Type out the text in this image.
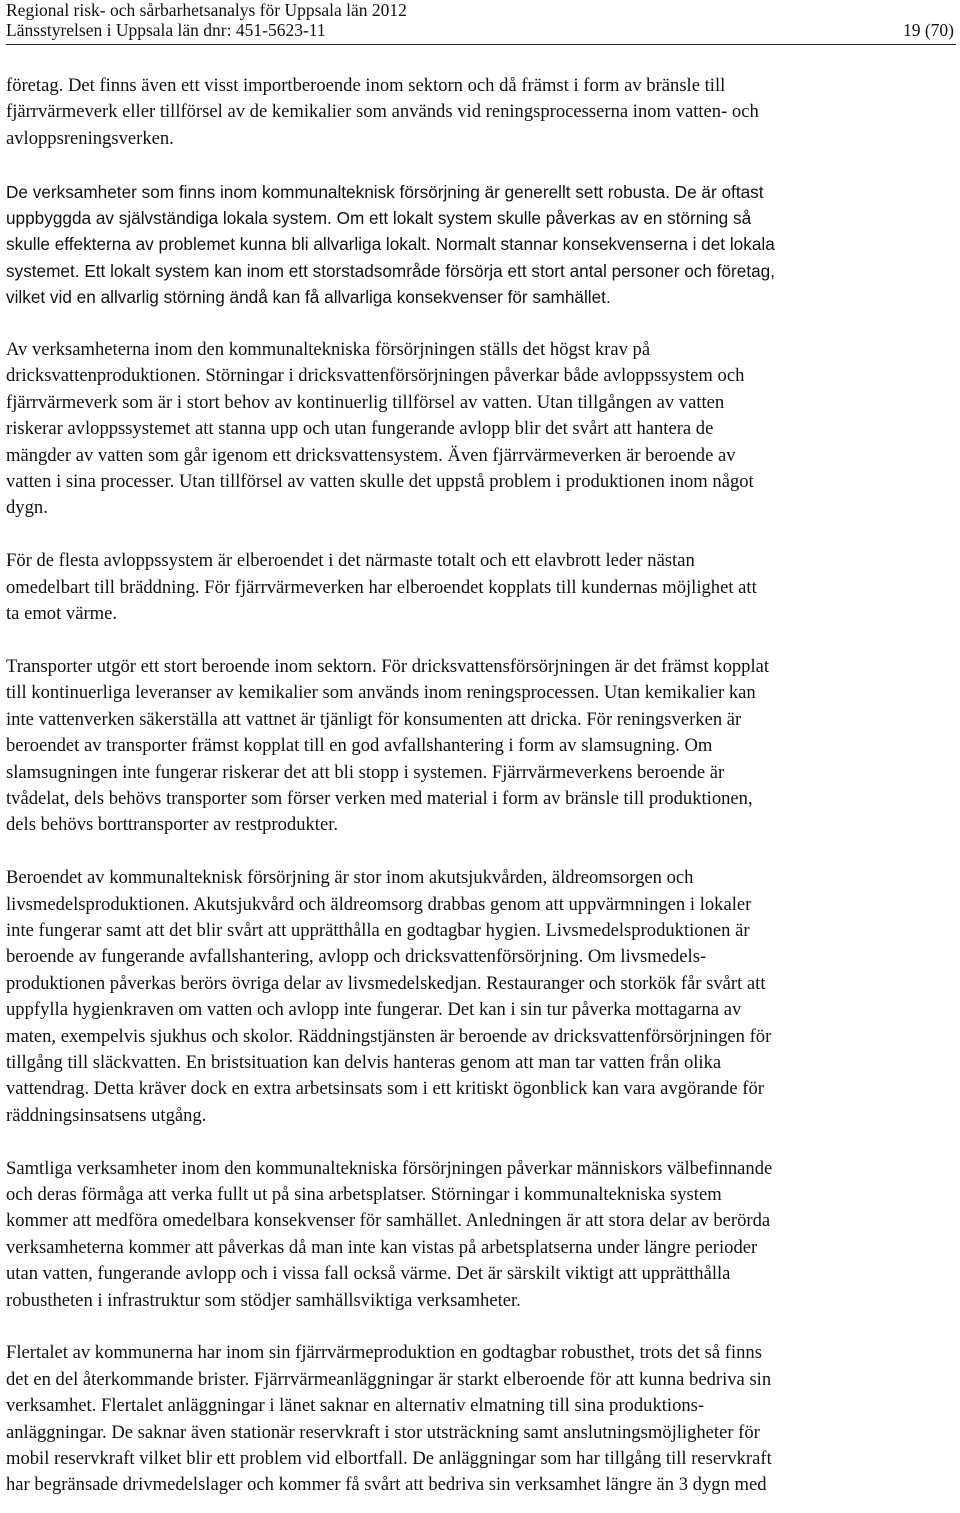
Regional risk- och sårbarhetsanalys för Uppsala län 2012
Länsstyrelsen i Uppsala län dnr: 451-5623-11	19 (70)

företag. Det finns även ett visst importberoende inom sektorn och då främst i form av bränsle till
fjärrvärmeverk eller tillförsel av de kemikalier som används vid reningsprocesserna inom vatten- och
avloppsreningsverken.

De verksamheter som finns inom kommunalteknisk försörjning är generellt sett robusta. De är oftast
uppbyggda av självständiga lokala system. Om ett lokalt system skulle påverkas av en störning så
skulle effekterna av problemet kunna bli allvarliga lokalt. Normalt stannar konsekvenserna i det lokala
systemet. Ett lokalt system kan inom ett storstadsområde försörja ett stort antal personer och företag,
vilket vid en allvarlig störning ändå kan få allvarliga konsekvenser för samhället.

Av verksamheterna inom den kommunaltekniska försörjningen ställs det högst krav på
dricksvattenproduktionen. Störningar i dricksvattenförsörjningen påverkar både avloppssystem och
fjärrvärmeverk som är i stort behov av kontinuerlig tillförsel av vatten. Utan tillgången av vatten
riskerar avloppssystemet att stanna upp och utan fungerande avlopp blir det svårt att hantera de
mängder av vatten som går igenom ett dricksvattensystem. Även fjärrvärmeverken är beroende av
vatten i sina processer. Utan tillförsel av vatten skulle det uppstå problem i produktionen inom något
dygn.

För de flesta avloppssystem är elberoendet i det närmaste totalt och ett elavbrott leder nästan
omedelbart till bräddning. För fjärrvärmeverken har elberoendet kopplats till kundernas möjlighet att
ta emot värme.

Transporter utgör ett stort beroende inom sektorn. För dricksvattensförsörjningen är det främst kopplat
till kontinuerliga leveranser av kemikalier som används inom reningsprocessen. Utan kemikalier kan
inte vattenverken säkerställa att vattnet är tjänligt för konsumenten att dricka. För reningsverken är
beroendet av transporter främst kopplat till en god avfallshantering i form av slamsugning. Om
slamsugningen inte fungerar riskerar det att bli stopp i systemen. Fjärrvärmeverkens beroende är
tvådelat, dels behövs transporter som förser verken med material i form av bränsle till produktionen,
dels behövs borttransporter av restprodukter.

Beroendet av kommunalteknisk försörjning är stor inom akutsjukvården, äldreomsorgen och
livsmedelsproduktionen. Akutsjukvård och äldreomsorg drabbas genom att uppvärmningen i lokaler
inte fungerar samt att det blir svårt att upprätthålla en godtagbar hygien. Livsmedelsproduktionen är
beroende av fungerande avfallshantering, avlopp och dricksvattenförsörjning. Om livsmedels-
produktionen påverkas berörs övriga delar av livsmedelskedjan. Restauranger och storkök får svårt att
uppfylla hygienkraven om vatten och avlopp inte fungerar. Det kan i sin tur påverka mottagarna av
maten, exempelvis sjukhus och skolor. Räddningstjänsten är beroende av dricksvattenförsörjningen för
tillgång till släckvatten. En bristsituation kan delvis hanteras genom att man tar vatten från olika
vattendrag. Detta kräver dock en extra arbetsinsats som i ett kritiskt ögonblick kan vara avgörande för
räddningsinsatsens utgång.

Samtliga verksamheter inom den kommunaltekniska försörjningen påverkar människors välbefinnande
och deras förmåga att verka fullt ut på sina arbetsplatser. Störningar i kommunaltekniska system
kommer att medföra omedelbara konsekvenser för samhället. Anledningen är att stora delar av berörda
verksamheterna kommer att påverkas då man inte kan vistas på arbetsplatserna under längre perioder
utan vatten, fungerande avlopp och i vissa fall också värme. Det är särskilt viktigt att upprätthålla
robustheten i infrastruktur som stödjer samhällsviktiga verksamheter.

Flertalet av kommunerna har inom sin fjärrvärmeproduktion en godtagbar robusthet, trots det så finns
det en del återkommande brister. Fjärrvärmeanläggningar är starkt elberoende för att kunna bedriva sin
verksamhet. Flertalet anläggningar i länet saknar en alternativ elmatning till sina produktions-
anläggningar. De saknar även stationär reservkraft i stor utsträckning samt anslutningsmöjligheter för
mobil reservkraft vilket blir ett problem vid elbortfall. De anläggningar som har tillgång till reservkraft
har begränsade drivmedelslager och kommer få svårt att bedriva sin verksamhet längre än 3 dygn med
